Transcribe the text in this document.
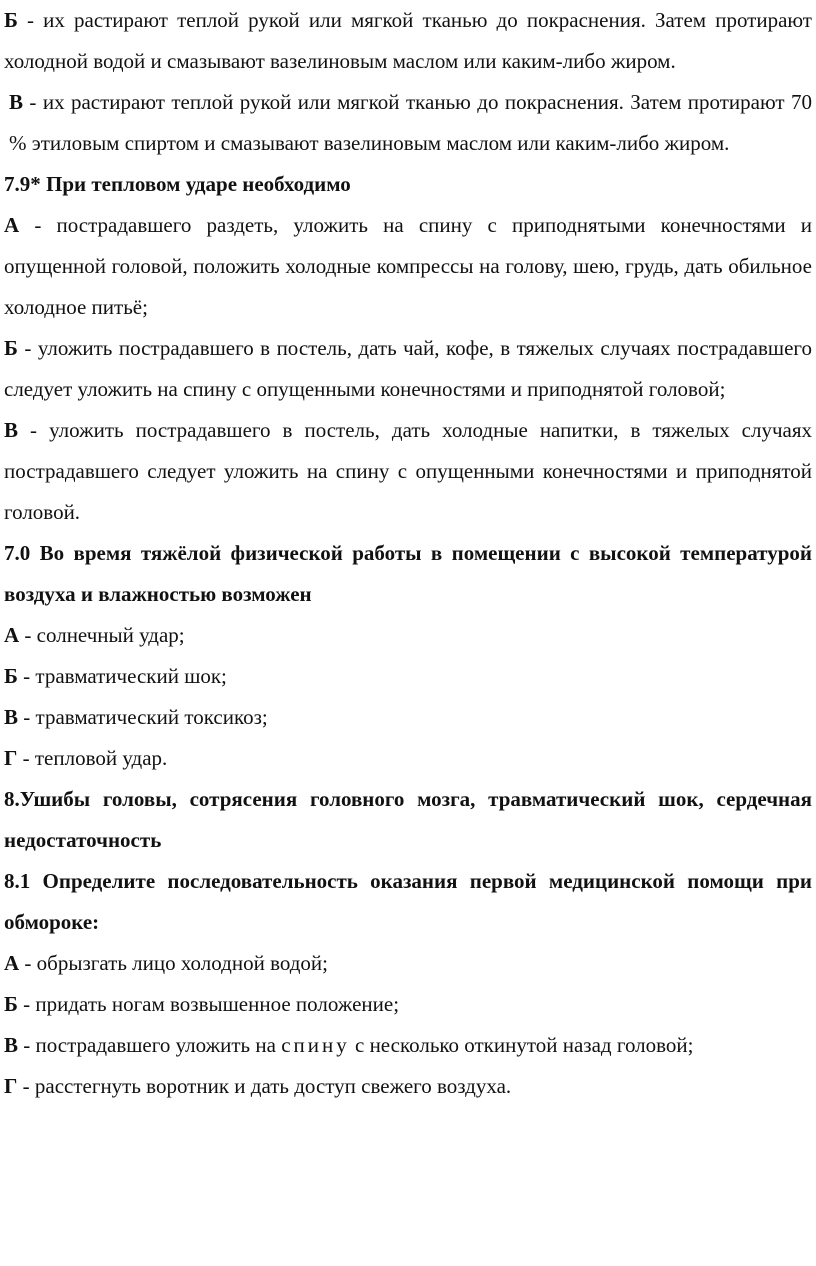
Б - их растирают теплой рукой или мягкой тканью до покраснения. Затем протирают холодной водой и смазывают вазелиновым маслом или каким-либо жиром.

В - их растирают теплой рукой или мягкой тканью до покраснения. Затем протирают 70 % этиловым спиртом и смазывают вазелиновым маслом или каким-либо жиром.

7.9* При тепловом ударе необходимо

А - пострадавшего раздеть, уложить на спину с приподнятыми конечностями и опущенной головой, положить холодные компрессы на голову, шею, грудь, дать обильное холодное питьё;

Б - уложить пострадавшего в постель, дать чай, кофе, в тяжелых случаях пострадавшего следует уложить на спину с опущенными конечностями и приподнятой головой;

В - уложить пострадавшего в постель, дать холодные напитки, в тяжелых случаях пострадавшего следует уложить на спину с опущенными конечностями и приподнятой головой.

7.0 Во время тяжёлой физической работы в помещении с высокой температурой воздуха и влажностью возможен

А - солнечный удар;

Б - травматический шок;

В - травматический токсикоз;

Г - тепловой удар.

8.Ушибы головы, сотрясения головного мозга, травматический шок, сердечная недостаточность

8.1 Определите последовательность оказания первой медицинской помощи при обмороке:

А - обрызгать лицо холодной водой;

Б - придать ногам возвышенное положение;

В - пострадавшего уложить на спину с несколько откинутой назад головой;

Г - расстегнуть воротник и дать доступ свежего воздуха.
